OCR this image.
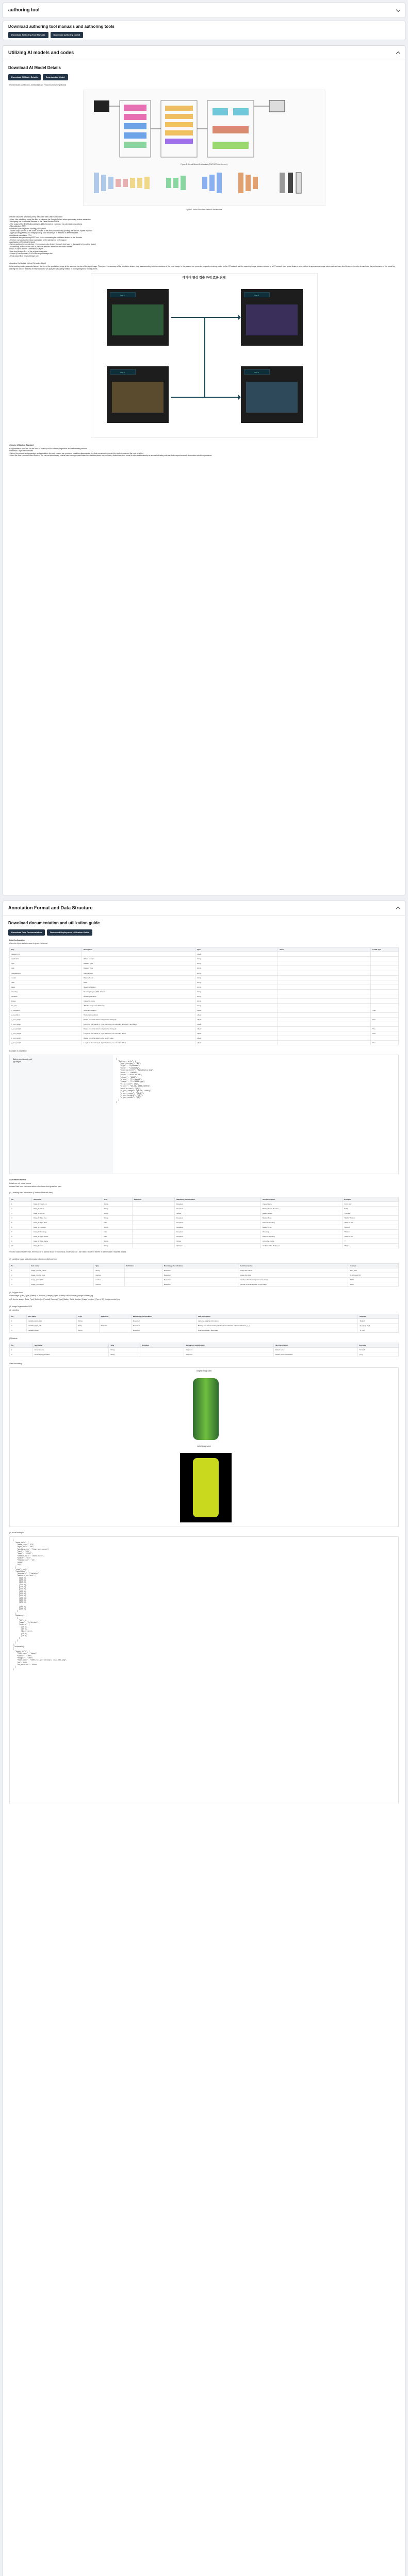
authoring tool
Download authoring tool manuals and authoring tools
Download Authoring Tool Manuals	Download authoring toolkit
Utilizing AI models and codes
Download AI Model Details
Download AI Model Details	Download AI Model
Overall Model Architecture: Architecture and Features of Learning Models
Figure 1 Overall Model Architecture (ENC DEC Architecture)
Figure 1 Model Structural Network Architecture
• Model Structural Networks (SRN) Backbone with Deep Convolution
- Core: Use a building model the filter to enhance the Sculpted's field where performing feature extraction
- Designing the Multimodal Skeleton to the Three Blocks of SRN
- The output of the first Multimodal layer (2D) channels is converted into stepwise convolutions
- Normalization: FPN
• Attribute Spatial Pyramid Pooling(ASPP) FPN
- In this output section of the ASPP, consists of the Atrous/multipooling pooling, the Various Spatial Pyramid
- Apply pooling (ASPP) and Image pooling. Take advantage of features of different scales
• Additional convolution FPN
- Additional after performing ASPP and before connecting the last latent feature to the decoder
- Perform convolution to reduce operations while maintaining performance
• Application of Residual Network
- When applying the architecture, the downsampling feature for each feed layer is displayed in the output feature
- Additionally, it reduces the loss of previous features via resnet electronic frames
• Input / Output of Inner Dimensional Layers
- Low level feature 1 / 4 of the original image size
- Output (From Encoder): 1/16 of the original image size
- Final output first: Original image size
• Locating the Nodular (Artery) Defective Model
In the training model presented above, the size of the production image is the same as the size of the input image. Therefore, the accuracy of the prediction feature map was according to the correctness of the input image. In the present, we present a respective training model for the GT network and the scanning image between chunks to a GT network from global features; and method to appearance image elements from lower level features. In order to maximize the performance of the model by utilizing the answer features of these datasets, we apply the cascading method in coding images for binding fibers.
메타버 영상 검출 과정 흐름 단계
Step 1	Step 2
Step 3	Step 4
• Service Utilization Standard
• Segmentation modules can be used to develop ad-hoc cloner diagnostics and define rating metrics
• Attention Diagnostic Services
- When the surface is disorganized and calculation for each version can provide a condition diagnosis service that can show the area of the defect area and the type of defect
- Used the New Nodular Defect Entries: The current defect rating criteria have been prepared based on statistical data, but the history defect detection model is expected to develop a new defect rating criterion that comprehensively determines electrical problems
Annotation Format and Data Structure
Download documentation and utilization guide
Download Data Documentation	Download Deployment Utilization Guide
Data Configuration
• Item the input attribute name is given the format
Key	Description	Type	Value	Is Null Type
dataset_info		object		
application	Where to use it	string		
type	Dataset Type	string		
task	Dataset Type	string		
manufacturer	Manufacturer	string		
model	Battery Model	string		
date	Date	string		
place	Shooting location	string		
shooting	Shooting tagging (fldA: "Desk")	string		
filename	Shooting filename	string		
image	Image file name	string		
file_size	JPG file image size (Pictures)	string		
x_resolution	Vertical resolution	object		True
y_resolution	Horizontal resolution	object		
x_pos_range	Range of nozzle defect entry(can be changed)	object		True
y_pos_range	Length of the nodule (X, Y) of the frame, so extended defected: x and height	object		
x_pos_height	Range of nozzle defect entry(can be changed)	object		True
y_pos_height	Length of the nodule (X, Y) of the frame, so extended defect	object		True
x_pos_length	Range of nozzle defect entry, weight value	object		
y_pos_length	Length of the nodule (X, Y) of the frame, so extended defect	object		True
Example of annotation
Battery appearance card
(it) images
{
"Battery_info": {
"application": "EV",
"type": "Cylinder",
"task": "Classify",
"manufacturer": "Manufacturing",
"model": "18650",
"date": "2020-09-11",
"shape": "1111",
"place": "C:\\test1",
"image": "C:\\1000.jpg",
"file_size": 1024,
"x_res": "[0-40, 1000,1000]",
"resolution": "(1)",
"x_pos_range": "[0-40, 1000]",
"y_pos_range": "[1,1]",
"x_pos_height": "(0)",
"x_pos_width": "(0)"
}
}
• Annotation Format
Details on cell model format
Access Data from the frame within in the frame field gives info pass
(1) Labelling Meta Information (Common Attributes Item)
No	Item name	Type	Definition	Mandatory classification	Item Description	Example
1	Data_ID.Height.Ln	String		Required	Image Name	'101\_192'
2	Data_ID.Name	String		Required	Battery Model Number	'5.01'
3	Data_ID.id.type	String		Option *	Battery shape	'Cylinder'
4	Data_ID.Type.Key	String		Required	Battery Type	'NETA' 'Hidden'
5	Data_ID.Type.Date	Date		Required	Date Of Shooting	'2022-01-23'
6	Data_ID.Location	String		Required	Battery Type	'Ripped'
7	Data_ID.Shooting	Date		Required	Shooting	'Hidden'
8	Data_ID.Type.Model	Date		Required	Date Of Shooting	'2022-01-23'
9	Data_ID.Type.Name	String		Option	Is this the profile	'?'
10	Data_ID.sri.id	String		Optional	Verified of the display-on	'Wrap'
※ In the case of battery rule, if the source is unclear it can be marked as a null value, i.e., null' blank. However if there is not the case it must be utilized.
(2) Labelling Image Meta Information (Common Attribute Item)
No	Item name	Type	Definition	Mandatory classification	Item Description	Example
1	Image_info.file_name	String		Required	Image File Name	'101\_192'
2	Image_info.file_size	number		Required	Image File Size	'(0-40 pixel) KB'
3	Image_info.width	number		Required	Number of horizontal pixels in the image	'1000'
4	Image_info.height	number		Required	Number of vertical pixels in the image	'1000'
(3) Polygon Areas
• With image: [Data_Type] [Defect] or [Product] [Sample] [Spec] [Battery Serial Number] [Image Number].jpg
• (2) Anchor image: [Data_Type] [Defect] or [Product] [Sample] [Type] [Battery Serial Number] [Image Number]_[Fan or ID]_[Image number].jpg
(3) Image Segmentation BPS
(1) Labelling
No	Item name	Type	Definition	Mandatory classification	Item Description	Example
1	Labelling.sort_data	String		Required	Labelling tagging information	'Defect'
2	Labelling.type_info	Array	Required	Required	Battery sort data boundary / find-in-a-Coordinated map / coordinates_x_y	'[x,y] [x,y] [x,y]'
3	Labelling.class	String		Required	Point coordinate / Boundary	'(1 0 0)'
(2)Defects
No	Item name	Type	Definition	Mandatory classification	Item Description	Example
1	Defects.name	String		Required	Defect name	'Scratch'
2	Defects.polygon.label	String		Required	Defect point coordinates	'[x,y]'
Data Annotating
Original image view
Label image view
(4) actual example
{
"data_info": {
"data_type": "EX",
"type_info": "HP",
"application": "Home appliances",
"type": "148",
"task": "10000",
"create_date": "2023-08-02",
"place": "B10",
"resolution": "[1",
"1000",
"10",
}
"size": null
"labelling": {
"boundary": "Flawless",
"battery_outline": [
[150,0],
[172,0],
[200,0],
[172,0],
[172,0],
[172,0],
[172,0],
[172,0],
[172,0],
[172,0],
[172,0],
[172,0],
...
[100,0],
[100,0]
]
},
"defects": [
{
"id": 1,
"name": "Pollution",
"points": [
[50,0],
[20,0],
[Intervals],
[50,0],
[50,0]
]
}
]
},
[Intervals]
{
"image_info": {
"file_name": "image",
"width": "1000",
"height": "1000",
"file_name": "1000_roll_pollution(k) 2022-001.png",
"id": 1130,
"is_external": false
}
}
